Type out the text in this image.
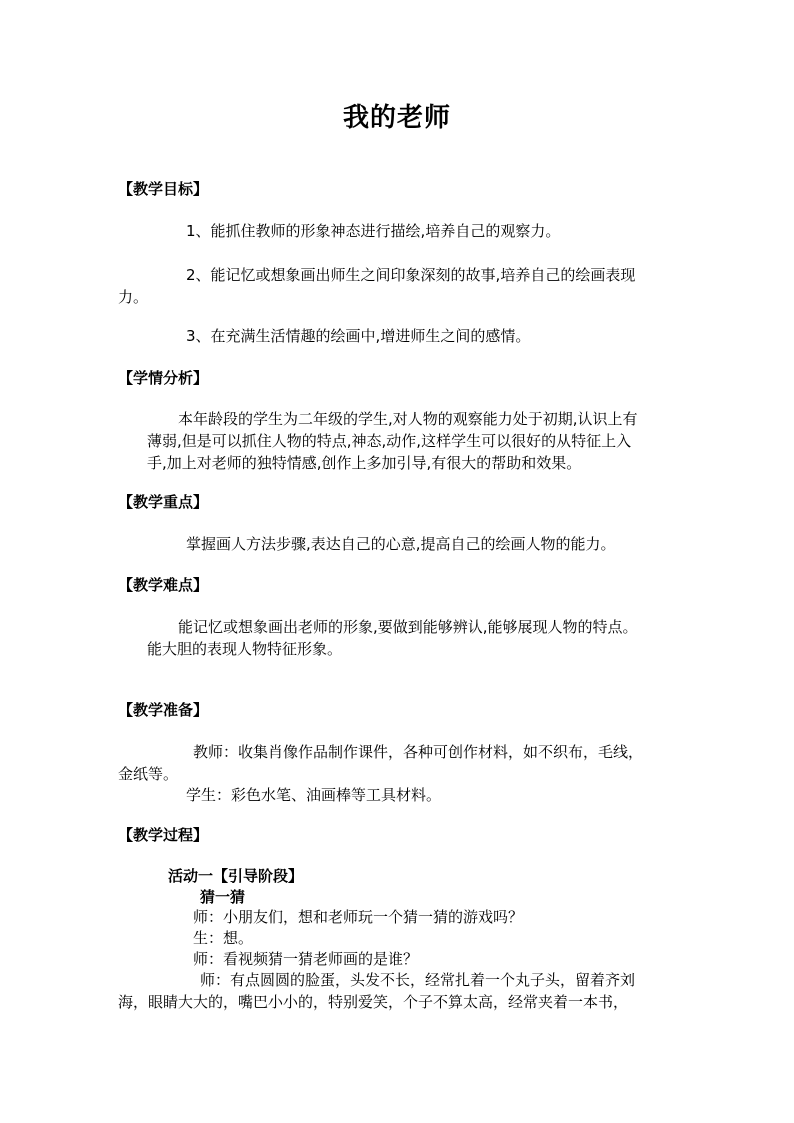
我的老师
【教学目标】
1、能抓住教师的形象神态进行描绘,培养自己的观察力。
2、能记忆或想象画出师生之间印象深刻的故事,培养自己的绘画表现
力。
3、在充满生活情趣的绘画中,增进师生之间的感情。
【学情分析】
本年龄段的学生为二年级的学生,对人物的观察能力处于初期,认识上有
薄弱,但是可以抓住人物的特点,神态,动作,这样学生可以很好的从特征上入
手,加上对老师的独特情感,创作上多加引导,有很大的帮助和效果。
【教学重点】
掌握画人方法步骤,表达自己的心意,提高自己的绘画人物的能力。
【教学难点】
能记忆或想象画出老师的形象,要做到能够辨认,能够展现人物的特点。
能大胆的表现人物特征形象。
【教学准备】
教师：收集肖像作品制作课件，各种可创作材料，如不织布，毛线，
金纸等。
学生：彩色水笔、油画棒等工具材料。
【教学过程】
活动一【引导阶段】
猜一猜
师：小朋友们，想和老师玩一个猜一猜的游戏吗？
生：想。
师：看视频猜一猜老师画的是谁？
师：有点圆圆的脸蛋，头发不长，经常扎着一个丸子头，留着齐刘
海，眼睛大大的，嘴巴小小的，特别爱笑，个子不算太高，经常夹着一本书，
